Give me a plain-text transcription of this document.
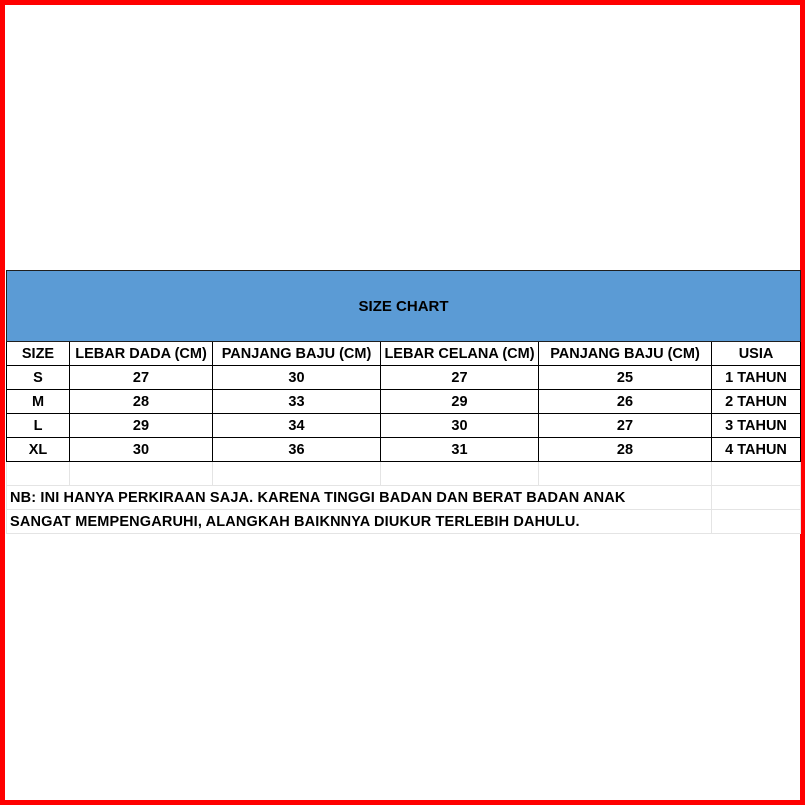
SIZE CHART					
SIZE	LEBAR DADA (CM)	PANJANG BAJU (CM)	LEBAR CELANA (CM)	PANJANG BAJU (CM)	USIA
S	27	30	27	25	1 TAHUN
M	28	33	29	26	2 TAHUN
L	29	34	30	27	3 TAHUN
XL	30	36	31	28	4 TAHUN

NB: INI HANYA PERKIRAAN SAJA. KARENA TINGGI BADAN DAN BERAT BADAN ANAK					
SANGAT MEMPENGARUHI, ALANGKAH BAIKNNYA DIUKUR TERLEBIH DAHULU.					
